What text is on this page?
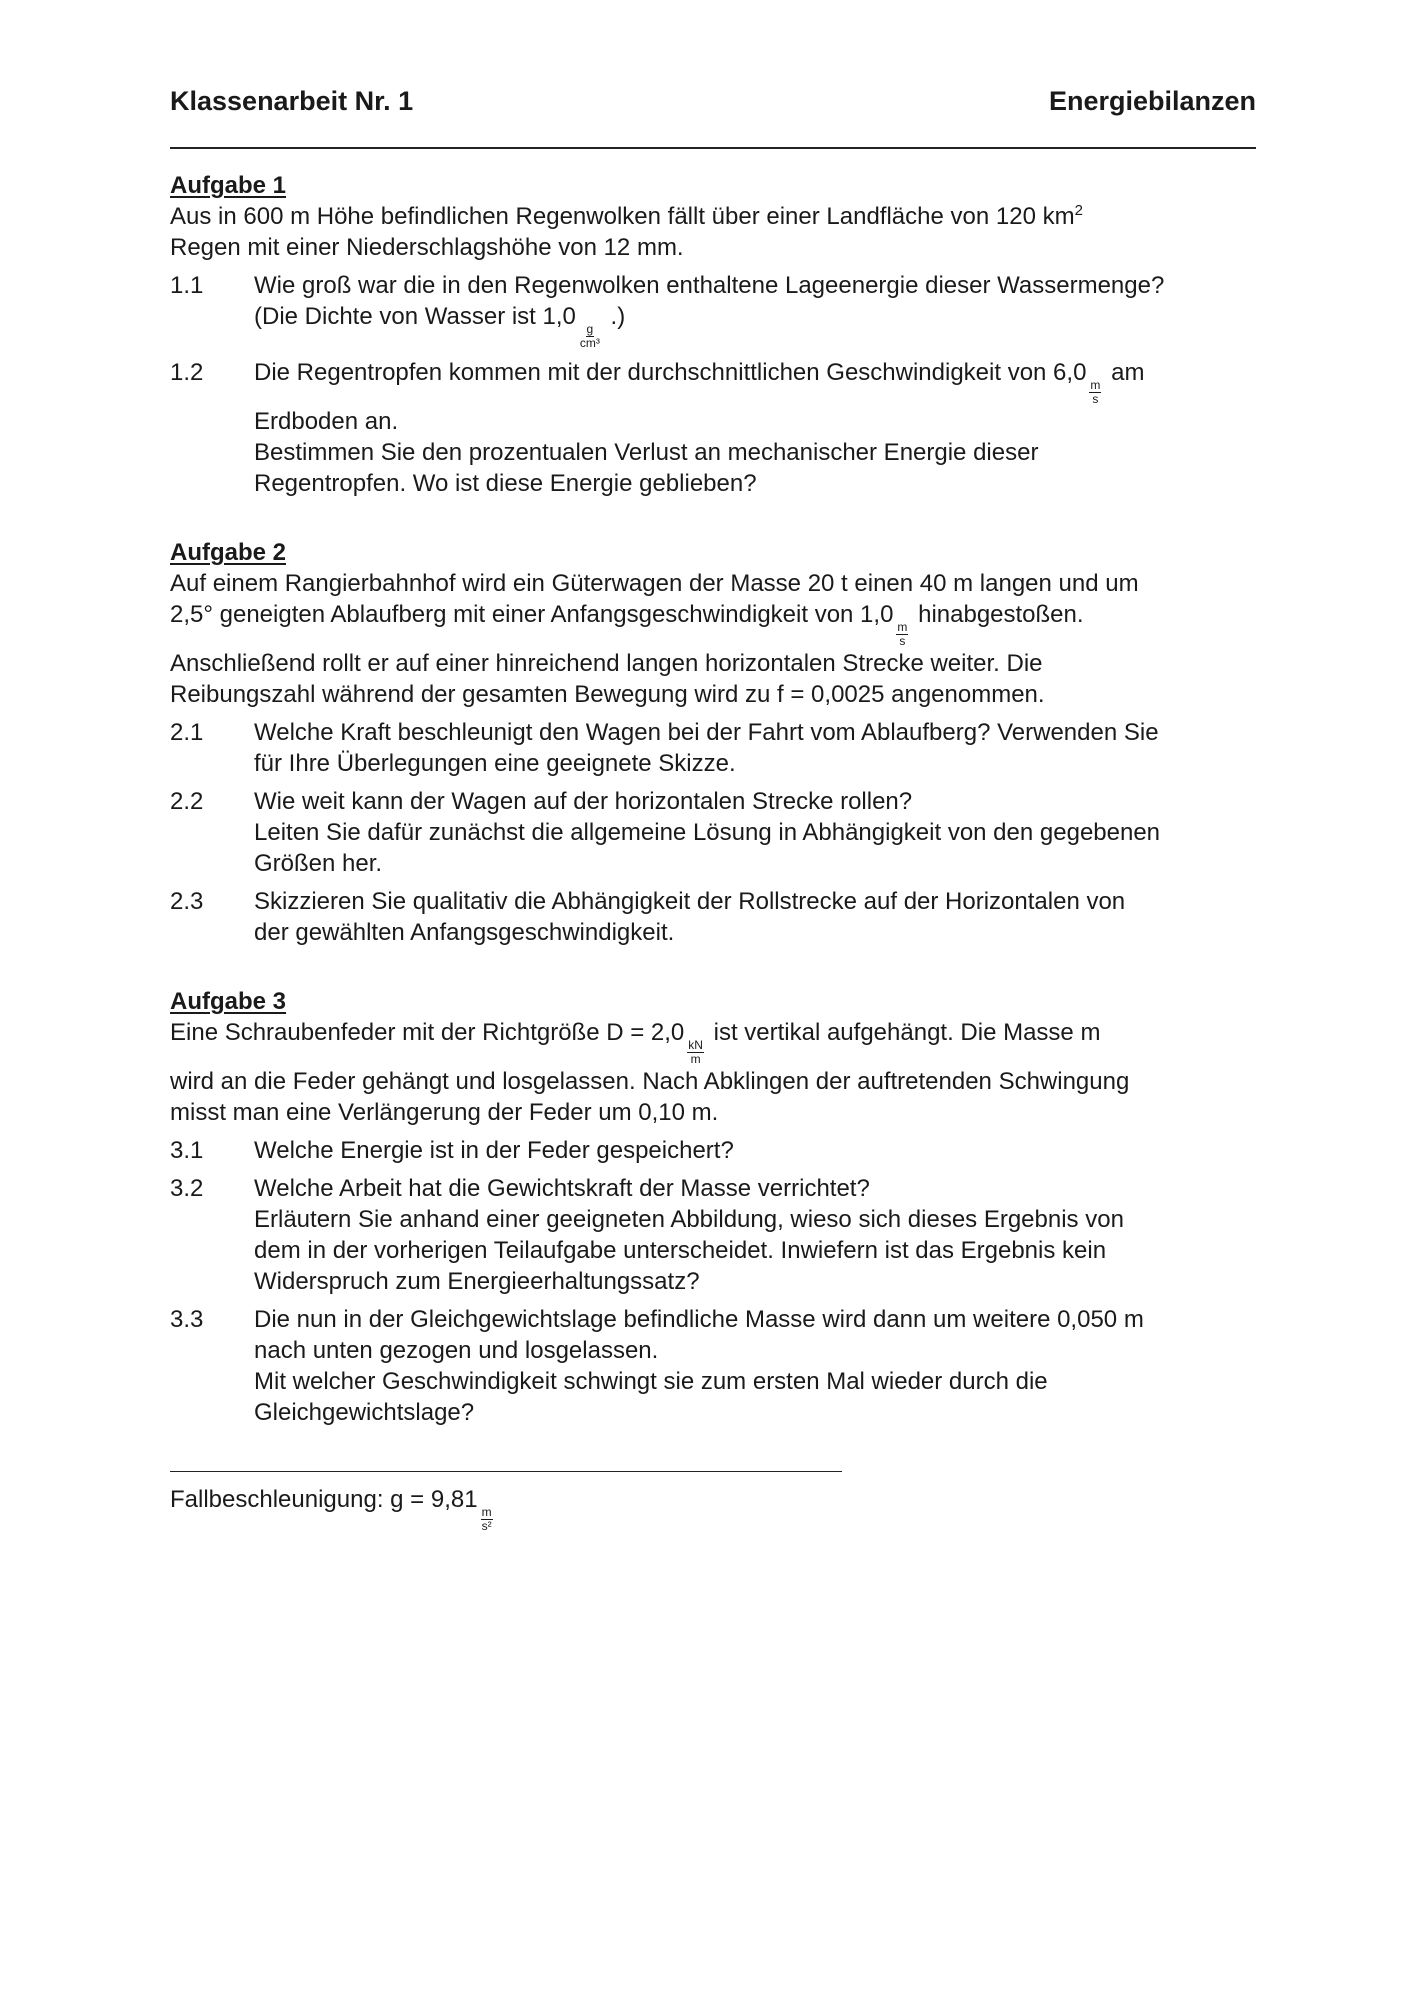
Klassenarbeit Nr. 1	Energiebilanzen

Aufgabe 1

Aus in 600 m Höhe befindlichen Regenwolken fällt über einer Landfläche von 120 $km^2$
Regen mit einer Niederschlagshöhe von 12 mm.

1.1	Wie groß war die in den Regenwolken enthaltene Lageenergie dieser Wassermenge?
(Die Dichte von Wasser ist 1,0
$\frac{g}{\text{cm³}}$
.)
1.2	Die Regentropfen kommen mit der durchschnittlichen Geschwindigkeit von 6,0
$\frac{m}{s}$
am
Erdboden an.
Bestimmen Sie den prozentualen Verlust an mechanischer Energie dieser
Regentropfen. Wo ist diese Energie geblieben?

Aufgabe 2

Auf einem Rangierbahnhof wird ein Güterwagen der Masse 20 t einen 40 m langen und um
2,5° geneigten Ablaufberg mit einer Anfangsgeschwindigkeit von 1,0
$\frac{m}{s}$
hinabgestoßen.
Anschließend rollt er auf einer hinreichend langen horizontalen Strecke weiter. Die
Reibungszahl während der gesamten Bewegung wird zu f = 0,0025 angenommen.

2.1	Welche Kraft beschleunigt den Wagen bei der Fahrt vom Ablaufberg? Verwenden Sie
für Ihre Überlegungen eine geeignete Skizze.
2.2	Wie weit kann der Wagen auf der horizontalen Strecke rollen?
Leiten Sie dafür zunächst die allgemeine Lösung in Abhängigkeit von den gegebenen
Größen her.
2.3	Skizzieren Sie qualitativ die Abhängigkeit der Rollstrecke auf der Horizontalen von
der gewählten Anfangsgeschwindigkeit.

Aufgabe 3

Eine Schraubenfeder mit der Richtgröße D = 2,0
$\frac{kN}{m}$
ist vertikal aufgehängt. Die Masse m
wird an die Feder gehängt und losgelassen. Nach Abklingen der auftretenden Schwingung
misst man eine Verlängerung der Feder um 0,10 m.

3.1	Welche Energie ist in der Feder gespeichert?
3.2	Welche Arbeit hat die Gewichtskraft der Masse verrichtet?
Erläutern Sie anhand einer geeigneten Abbildung, wieso sich dieses Ergebnis von
dem in der vorherigen Teilaufgabe unterscheidet. Inwiefern ist das Ergebnis kein
Widerspruch zum Energieerhaltungssatz?
3.3	Die nun in der Gleichgewichtslage befindliche Masse wird dann um weitere 0,050 m
nach unten gezogen und losgelassen.
Mit welcher Geschwindigkeit schwingt sie zum ersten Mal wieder durch die
Gleichgewichtslage?
Fallbeschleunigung: g = 9,81
$\frac{m}{\text{s²}}$
